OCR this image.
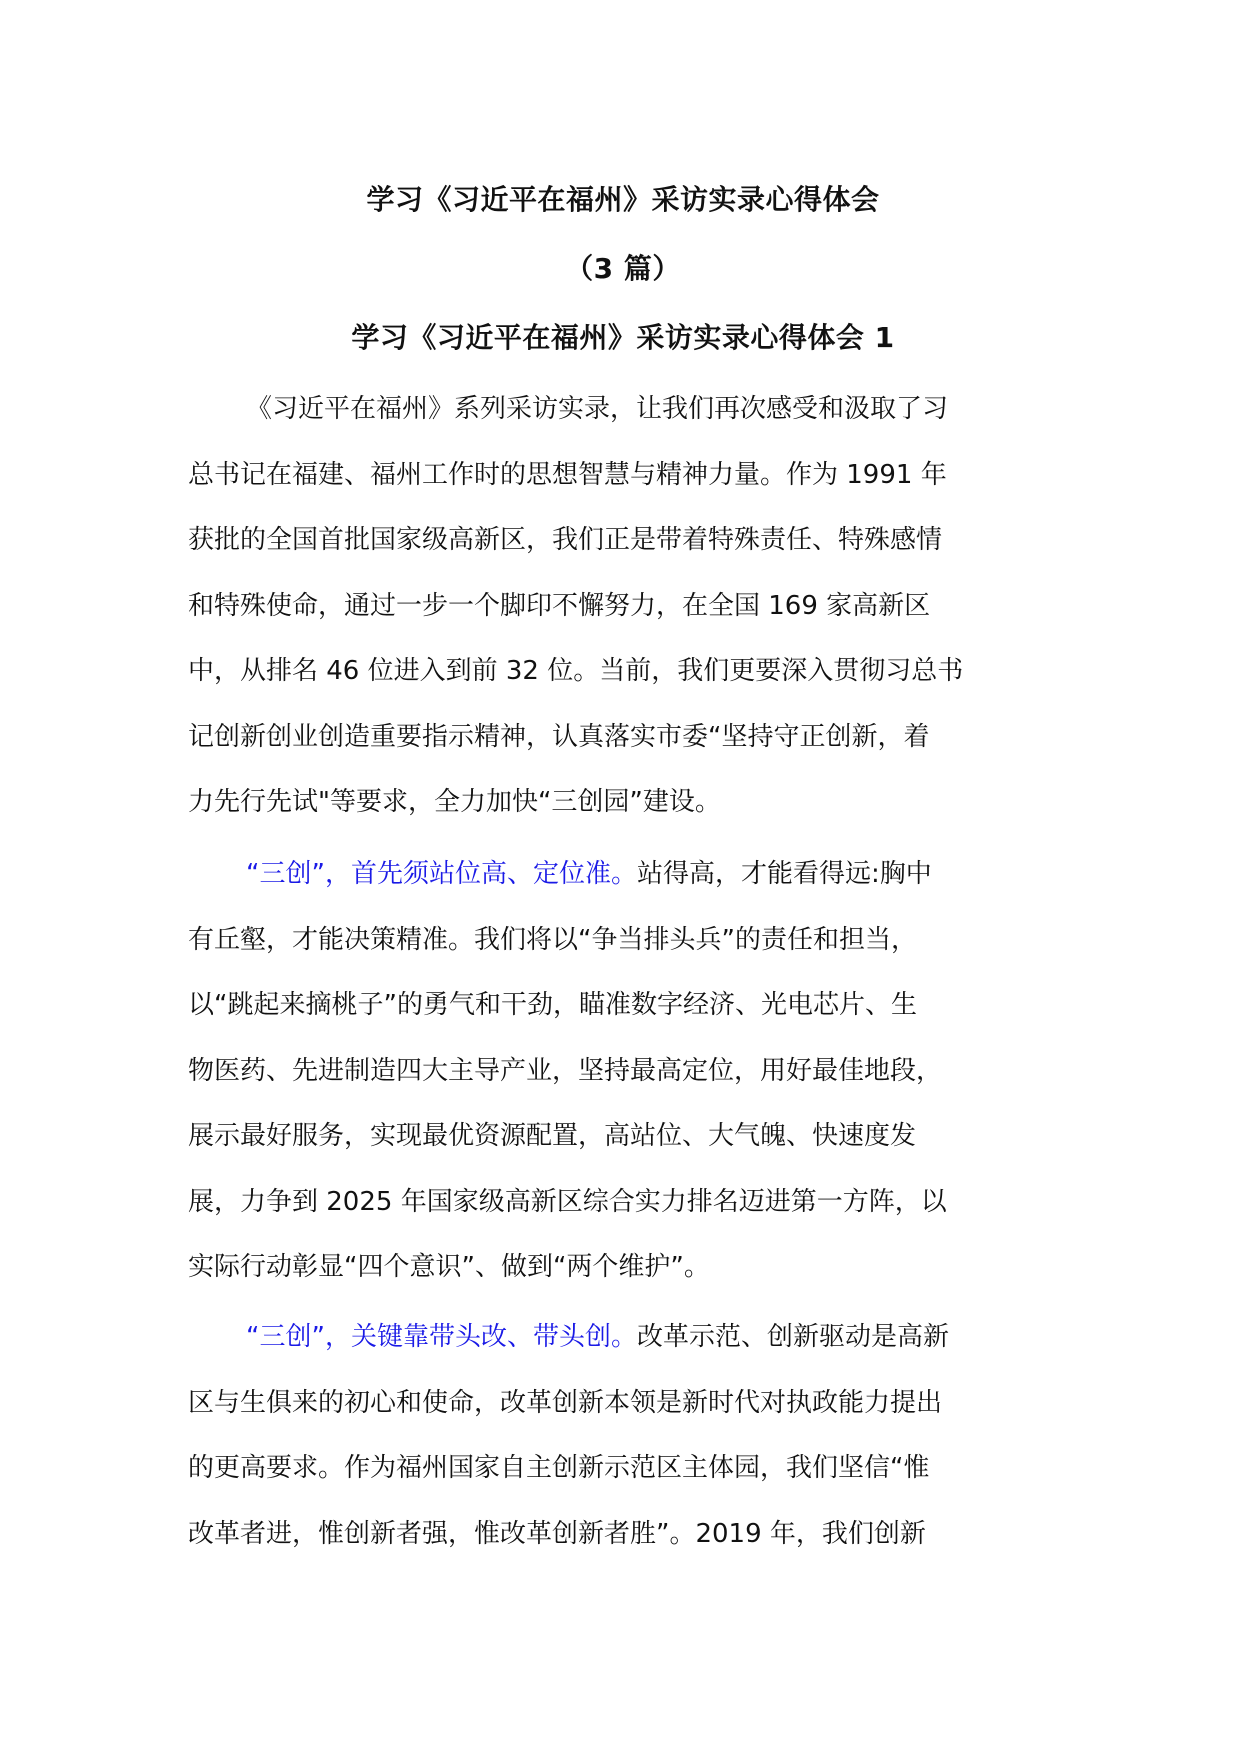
学习《习近平在福州》采访实录心得体会
（3 篇）
学习《习近平在福州》采访实录心得体会 1
《习近平在福州》系列采访实录，让我们再次感受和汲取了习
总书记在福建、福州工作时的思想智慧与精神力量。作为 1991 年
获批的全国首批国家级高新区，我们正是带着特殊责任、特殊感情
和特殊使命，通过一步一个脚印不懈努力，在全国 169 家高新区
中，从排名 46 位进入到前 32 位。当前，我们更要深入贯彻习总书
记创新创业创造重要指示精神，认真落实市委“坚持守正创新，着
力先行先试"等要求，全力加快“三创园”建设。
“三创”，首先须站位高、定位准。站得高，才能看得远:胸中
有丘壑，才能决策精准。我们将以“争当排头兵”的责任和担当，
以“跳起来摘桃子”的勇气和干劲，瞄准数字经济、光电芯片、生
物医药、先进制造四大主导产业，坚持最高定位，用好最佳地段，
展示最好服务，实现最优资源配置，高站位、大气魄、快速度发
展，力争到 2025 年国家级高新区综合实力排名迈进第一方阵，以
实际行动彰显“四个意识”、做到“两个维护”。
“三创”，关键靠带头改、带头创。改革示范、创新驱动是高新
区与生俱来的初心和使命，改革创新本领是新时代对执政能力提出
的更高要求。作为福州国家自主创新示范区主体园，我们坚信“惟
改革者进，惟创新者强，惟改革创新者胜”。2019 年，我们创新
